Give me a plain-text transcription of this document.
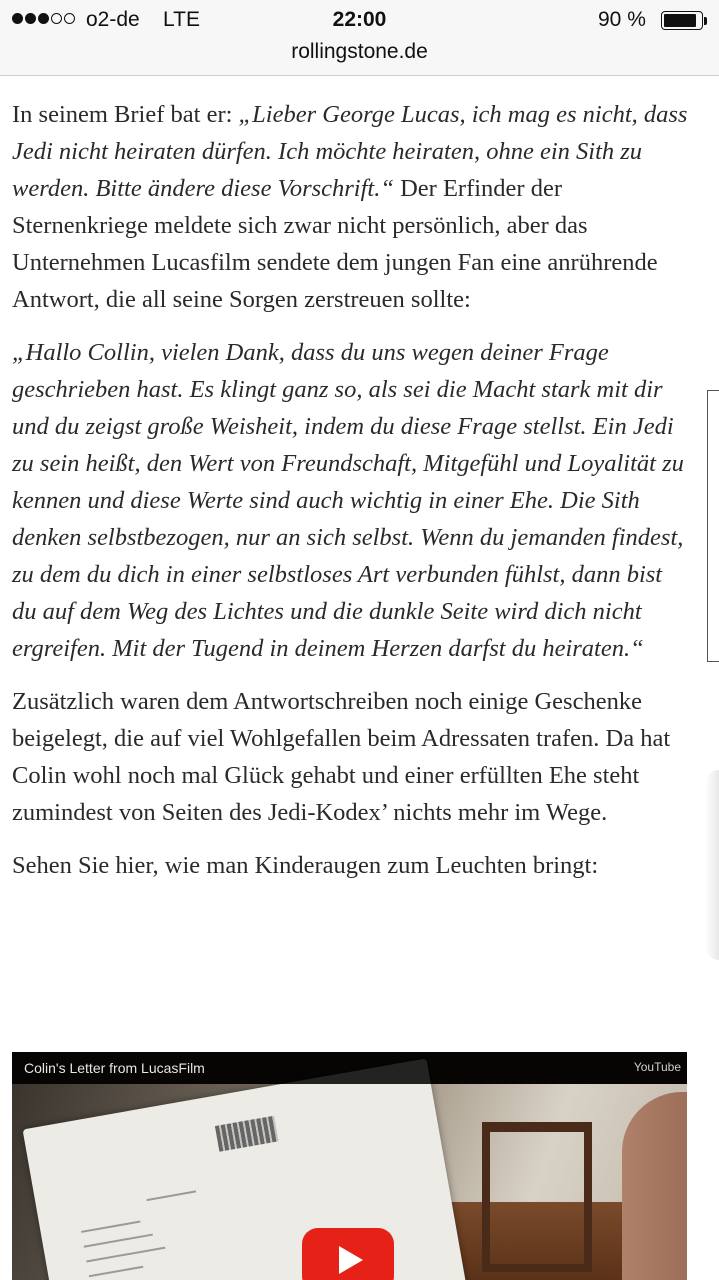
o2-de LTE	22:00	90 %
rollingstone.de

In seinem Brief bat er: „Lieber George Lucas, ich mag es nicht, dass Jedi nicht heiraten dürfen. Ich möchte heiraten, ohne ein Sith zu werden. Bitte ändere diese Vorschrift.“ Der Erfinder der Sternenkriege meldete sich zwar nicht persönlich, aber das Unternehmen Lucasfilm sendete dem jungen Fan eine anrührende Antwort, die all seine Sorgen zerstreuen sollte:

„Hallo Collin, vielen Dank, dass du uns wegen deiner Frage geschrieben hast. Es klingt ganz so, als sei die Macht stark mit dir und du zeigst große Weisheit, indem du diese Frage stellst. Ein Jedi zu sein heißt, den Wert von Freundschaft, Mitgefühl und Loyalität zu kennen und diese Werte sind auch wichtig in einer Ehe. Die Sith denken selbstbezogen, nur an sich selbst. Wenn du jemanden findest, zu dem du dich in einer selbstloses Art verbunden fühlst, dann bist du auf dem Weg des Lichtes und die dunkle Seite wird dich nicht ergreifen. Mit der Tugend in deinem Herzen darfst du heiraten.“

Zusätzlich waren dem Antwortschreiben noch einige Geschenke beigelegt, die auf viel Wohlgefallen beim Adressaten trafen. Da hat Colin wohl noch mal Glück gehabt und einer erfüllten Ehe steht zumindest von Seiten des Jedi-Kodex’ nichts mehr im Wege.

Sehen Sie hier, wie man Kinderaugen zum Leuchten bringt:

Colin's Letter from LucasFilm	YouTube
